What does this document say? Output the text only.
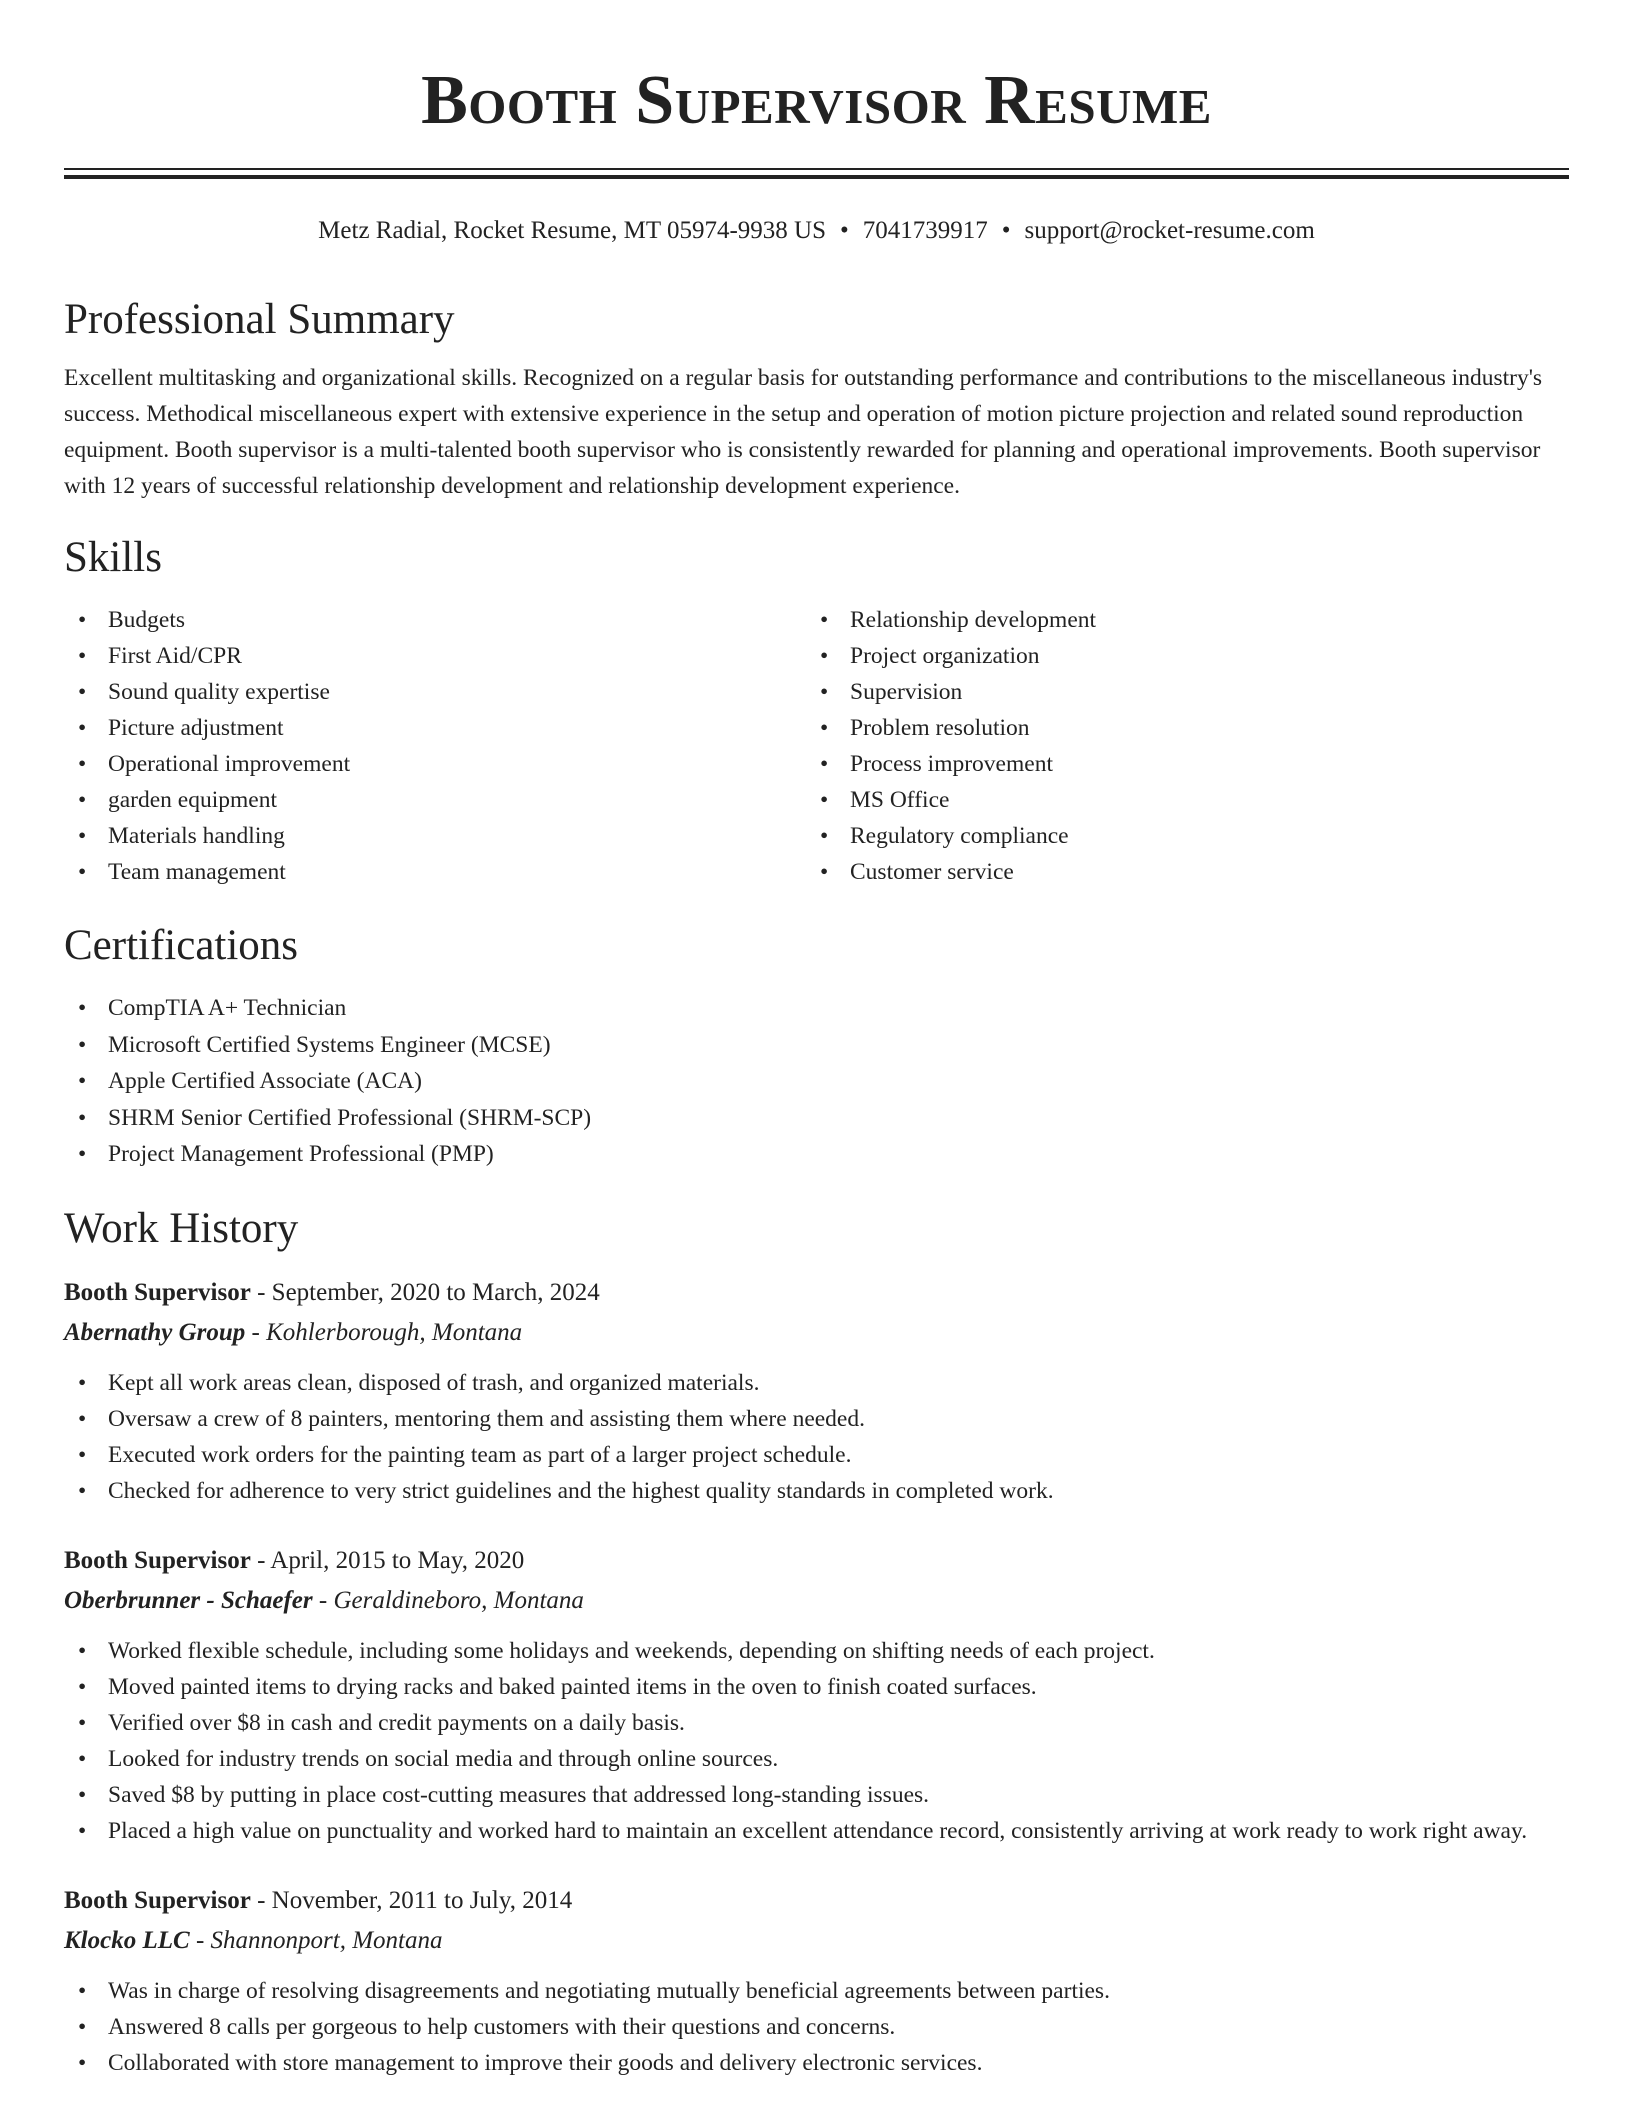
Booth Supervisor Resume
Metz Radial, Rocket Resume, MT 05974-9938 US • 7041739917 • support@rocket-resume.com
Professional Summary

Excellent multitasking and organizational skills. Recognized on a regular basis for outstanding performance and contributions to the miscellaneous industry's success. Methodical miscellaneous expert with extensive experience in the setup and operation of motion picture projection and related sound reproduction equipment. Booth supervisor is a multi-talented booth supervisor who is consistently rewarded for planning and operational improvements. Booth supervisor with 12 years of successful relationship development and relationship development experience.

Skills
• Budgets
• First Aid/CPR
• Sound quality expertise
• Picture adjustment
• Operational improvement
• garden equipment
• Materials handling
• Team management
• Relationship development
• Project organization
• Supervision
• Problem resolution
• Process improvement
• MS Office
• Regulatory compliance
• Customer service
Certifications
• CompTIA A+ Technician
• Microsoft Certified Systems Engineer (MCSE)
• Apple Certified Associate (ACA)
• SHRM Senior Certified Professional (SHRM-SCP)
• Project Management Professional (PMP)
Work History
Booth Supervisor - September, 2020 to March, 2024
Abernathy Group - Kohlerborough, Montana
• Kept all work areas clean, disposed of trash, and organized materials.
• Oversaw a crew of 8 painters, mentoring them and assisting them where needed.
• Executed work orders for the painting team as part of a larger project schedule.
• Checked for adherence to very strict guidelines and the highest quality standards in completed work.
Booth Supervisor - April, 2015 to May, 2020
Oberbrunner - Schaefer - Geraldineboro, Montana
• Worked flexible schedule, including some holidays and weekends, depending on shifting needs of each project.
• Moved painted items to drying racks and baked painted items in the oven to finish coated surfaces.
• Verified over $8 in cash and credit payments on a daily basis.
• Looked for industry trends on social media and through online sources.
• Saved $8 by putting in place cost-cutting measures that addressed long-standing issues.
• Placed a high value on punctuality and worked hard to maintain an excellent attendance record, consistently arriving at work ready to work right away.
Booth Supervisor - November, 2011 to July, 2014
Klocko LLC - Shannonport, Montana
• Was in charge of resolving disagreements and negotiating mutually beneficial agreements between parties.
• Answered 8 calls per gorgeous to help customers with their questions and concerns.
• Collaborated with store management to improve their goods and delivery electronic services.
